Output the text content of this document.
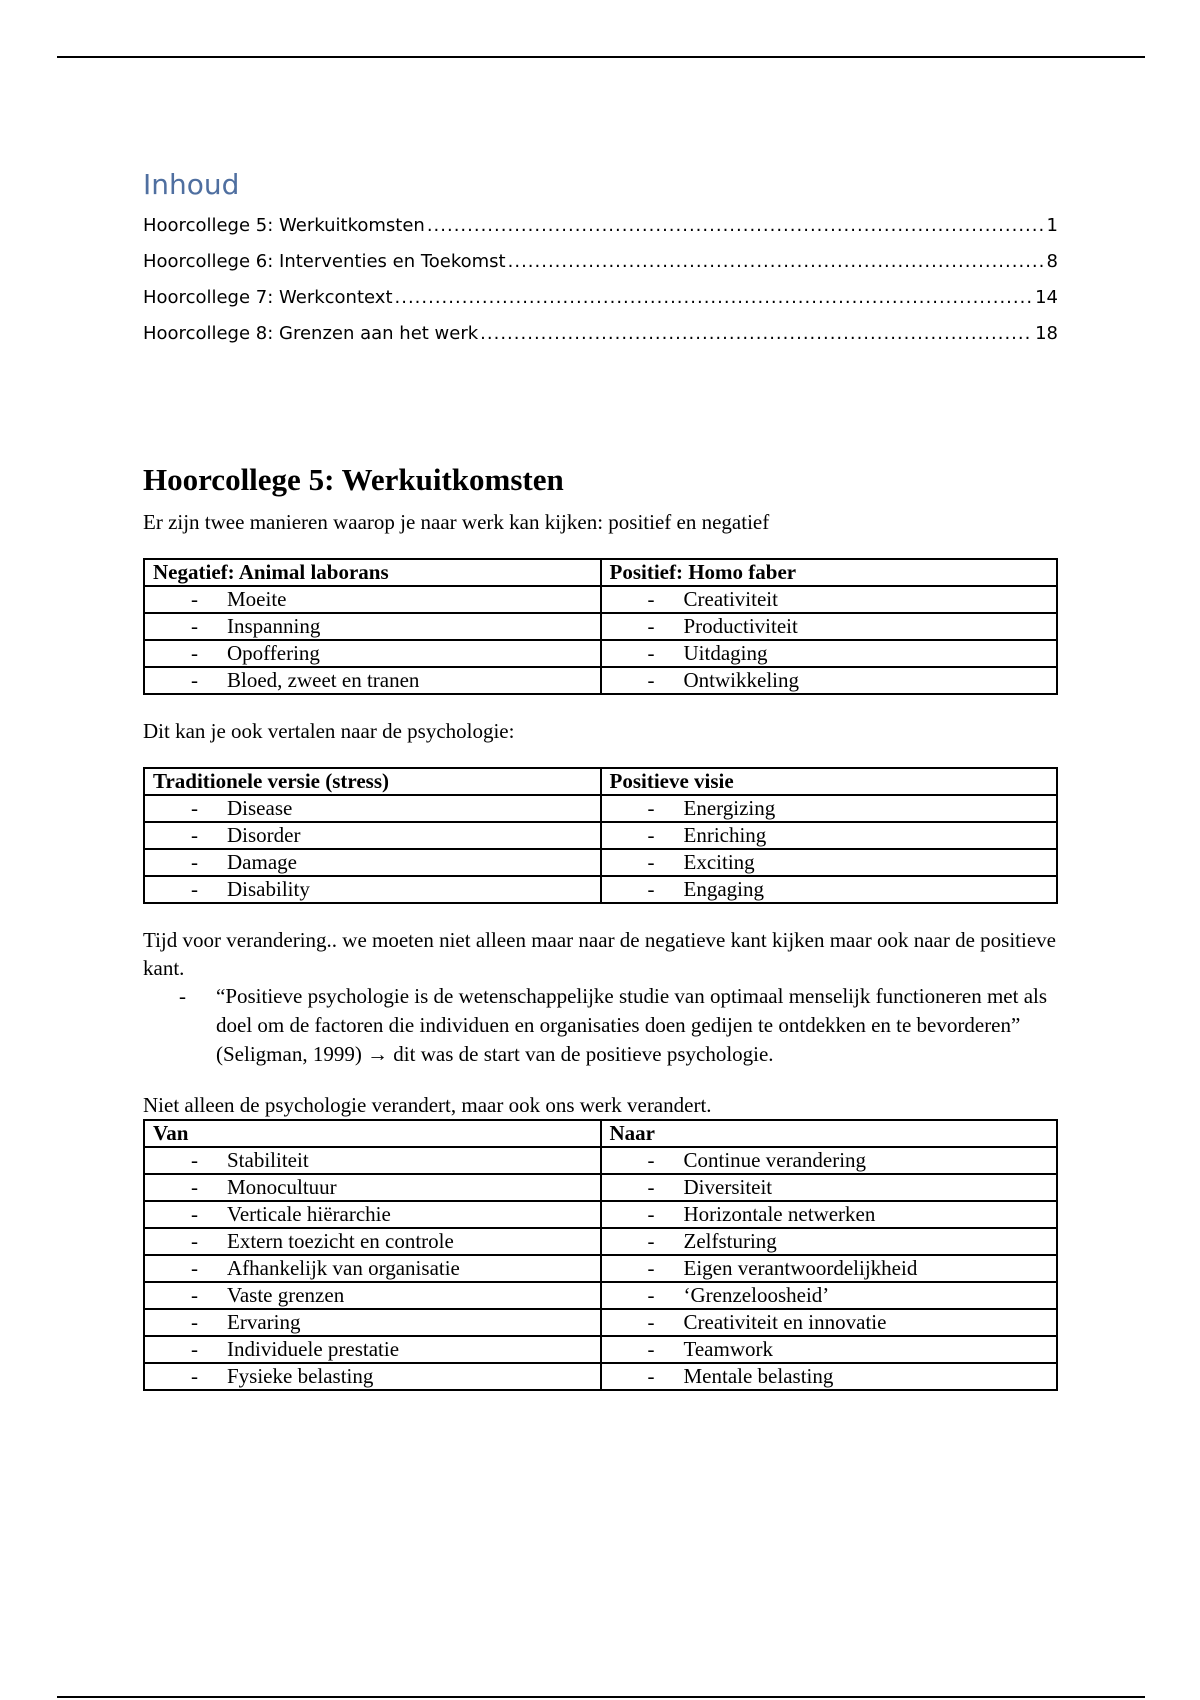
Inhoud
Hoorcollege 5: Werkuitkomsten .....	1
Hoorcollege 6: Interventies en Toekomst .....	8
Hoorcollege 7: Werkcontext .....	14
Hoorcollege 8: Grenzen aan het werk .....	18
Hoorcollege 5: Werkuitkomsten

Er zijn twee manieren waarop je naar werk kan kijken: positief en negatief

Negatief: Animal laborans	Positief: Homo faber
- Moeite	- Creativiteit
- Inspanning	- Productiviteit
- Opoffering	- Uitdaging
- Bloed, zweet en tranen	- Ontwikkeling

Dit kan je ook vertalen naar de psychologie:

Traditionele versie (stress)	Positieve visie
- Disease	- Energizing
- Disorder	- Enriching
- Damage	- Exciting
- Disability	- Engaging

Tijd voor verandering.. we moeten niet alleen maar naar de negatieve kant kijken maar ook naar de positieve kant.

- “Positieve psychologie is de wetenschappelijke studie van optimaal menselijk functioneren met als doel om de factoren die individuen en organisaties doen gedijen te ontdekken en te bevorderen” (Seligman, 1999) → dit was de start van de positieve psychologie.

Niet alleen de psychologie verandert, maar ook ons werk verandert.

Van	Naar
- Stabiliteit	- Continue verandering
- Monocultuur	- Diversiteit
- Verticale hiërarchie	- Horizontale netwerken
- Extern toezicht en controle	- Zelfsturing
- Afhankelijk van organisatie	- Eigen verantwoordelijkheid
- Vaste grenzen	- ‘Grenzeloosheid’
- Ervaring	- Creativiteit en innovatie
- Individuele prestatie	- Teamwork
- Fysieke belasting	- Mentale belasting
